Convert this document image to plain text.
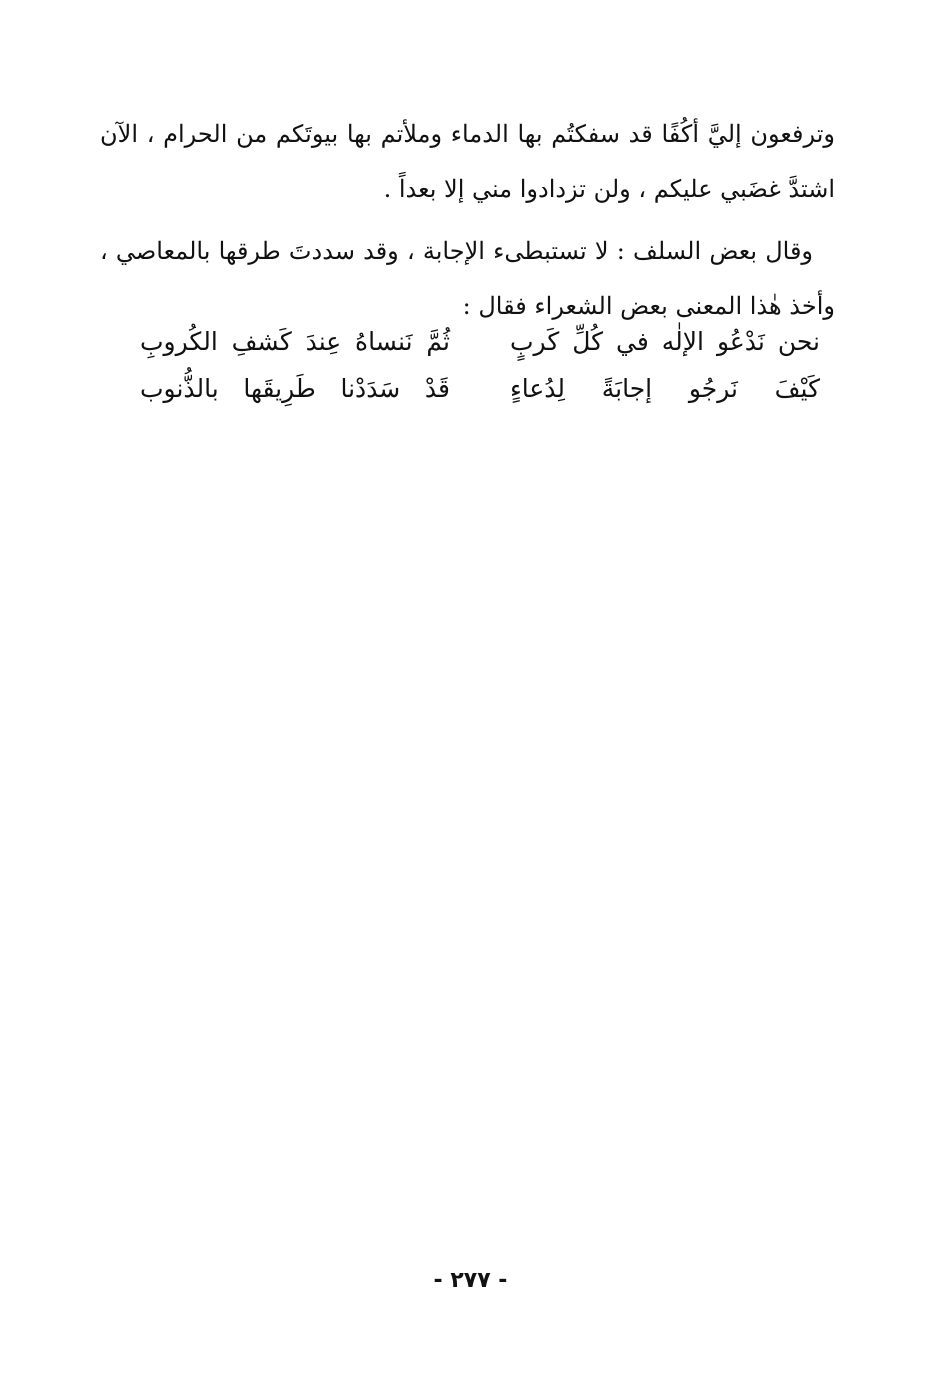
وترفعون إليَّ أكُفًا قد سفكتُم بها الدماء وملأتم بها بيوتَكم من الحرام ، الآن اشتدَّ غضَبي عليكم ، ولن تزدادوا مني إلا بعداً .

وقال بعض السلف : لا تستبطىء الإجابة ، وقد سددتَ طرقها بالمعاصي ، وأخذ هٰذا المعنى بعض الشعراء فقال :

نحن نَدْعُو الإلٰه في كُلِّ كَربٍ
ثُمَّ نَنساهُ عِندَ كَشفِ الكُروبِ
كَيْفَ نَرجُو إجابَةً لِدُعاءٍ
قَدْ سَدَدْنا طَرِيقَها بالذُّنوب
- ٢٧٧ -
